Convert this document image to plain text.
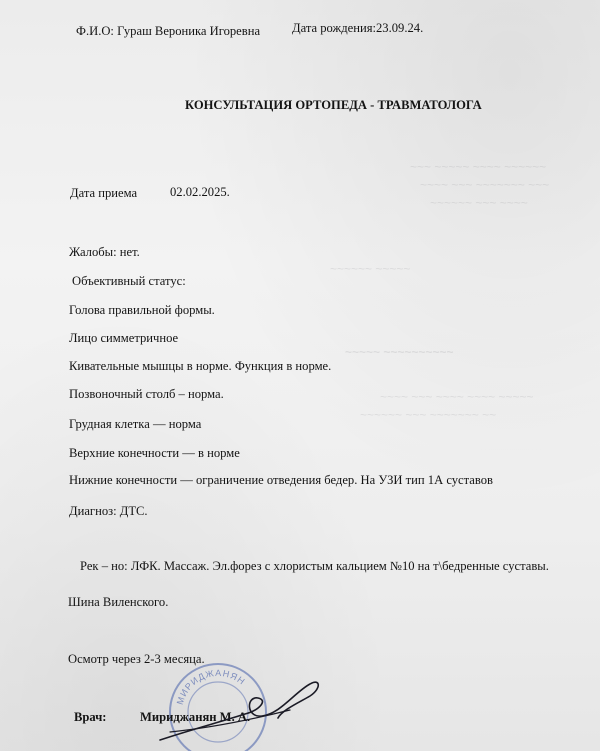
~~~ ~~~~~ ~~~~ ~~~~~~
~~~~ ~~~ ~~~~~~~ ~~~
~~~~~~ ~~~ ~~~~
~~~~~~ ~~~~~
~~~~~ ~~~~~~~~~~
~~~~ ~~~ ~~~~ ~~~~ ~~~~~
~~~~~~ ~~~ ~~~~~~~ ~~
Ф.И.О: Гураш Вероника Игоревна	Дата рождения:23.09.24.
КОНСУЛЬТАЦИЯ ОРТОПЕДА - ТРАВМАТОЛОГА
Дата приема	02.02.2025.
Жалобы: нет.
Объективный статус:
Голова правильной формы.
Лицо симметричное
Кивательные мышцы в норме. Функция в норме.
Позвоночный столб – норма.
Грудная клетка — норма
Верхние конечности — в норме
Нижние конечности — ограничение отведения бедер. На УЗИ тип 1А суставов
Диагноз: ДТС.
Рек – но: ЛФК. Массаж. Эл.форез с хлористым кальцием №10 на т\бедренные суставы.
Шина Виленского.
Осмотр через 2-3 месяца.
МИРИДЖАНЯН
Врач:	Мириджанян М. А.
